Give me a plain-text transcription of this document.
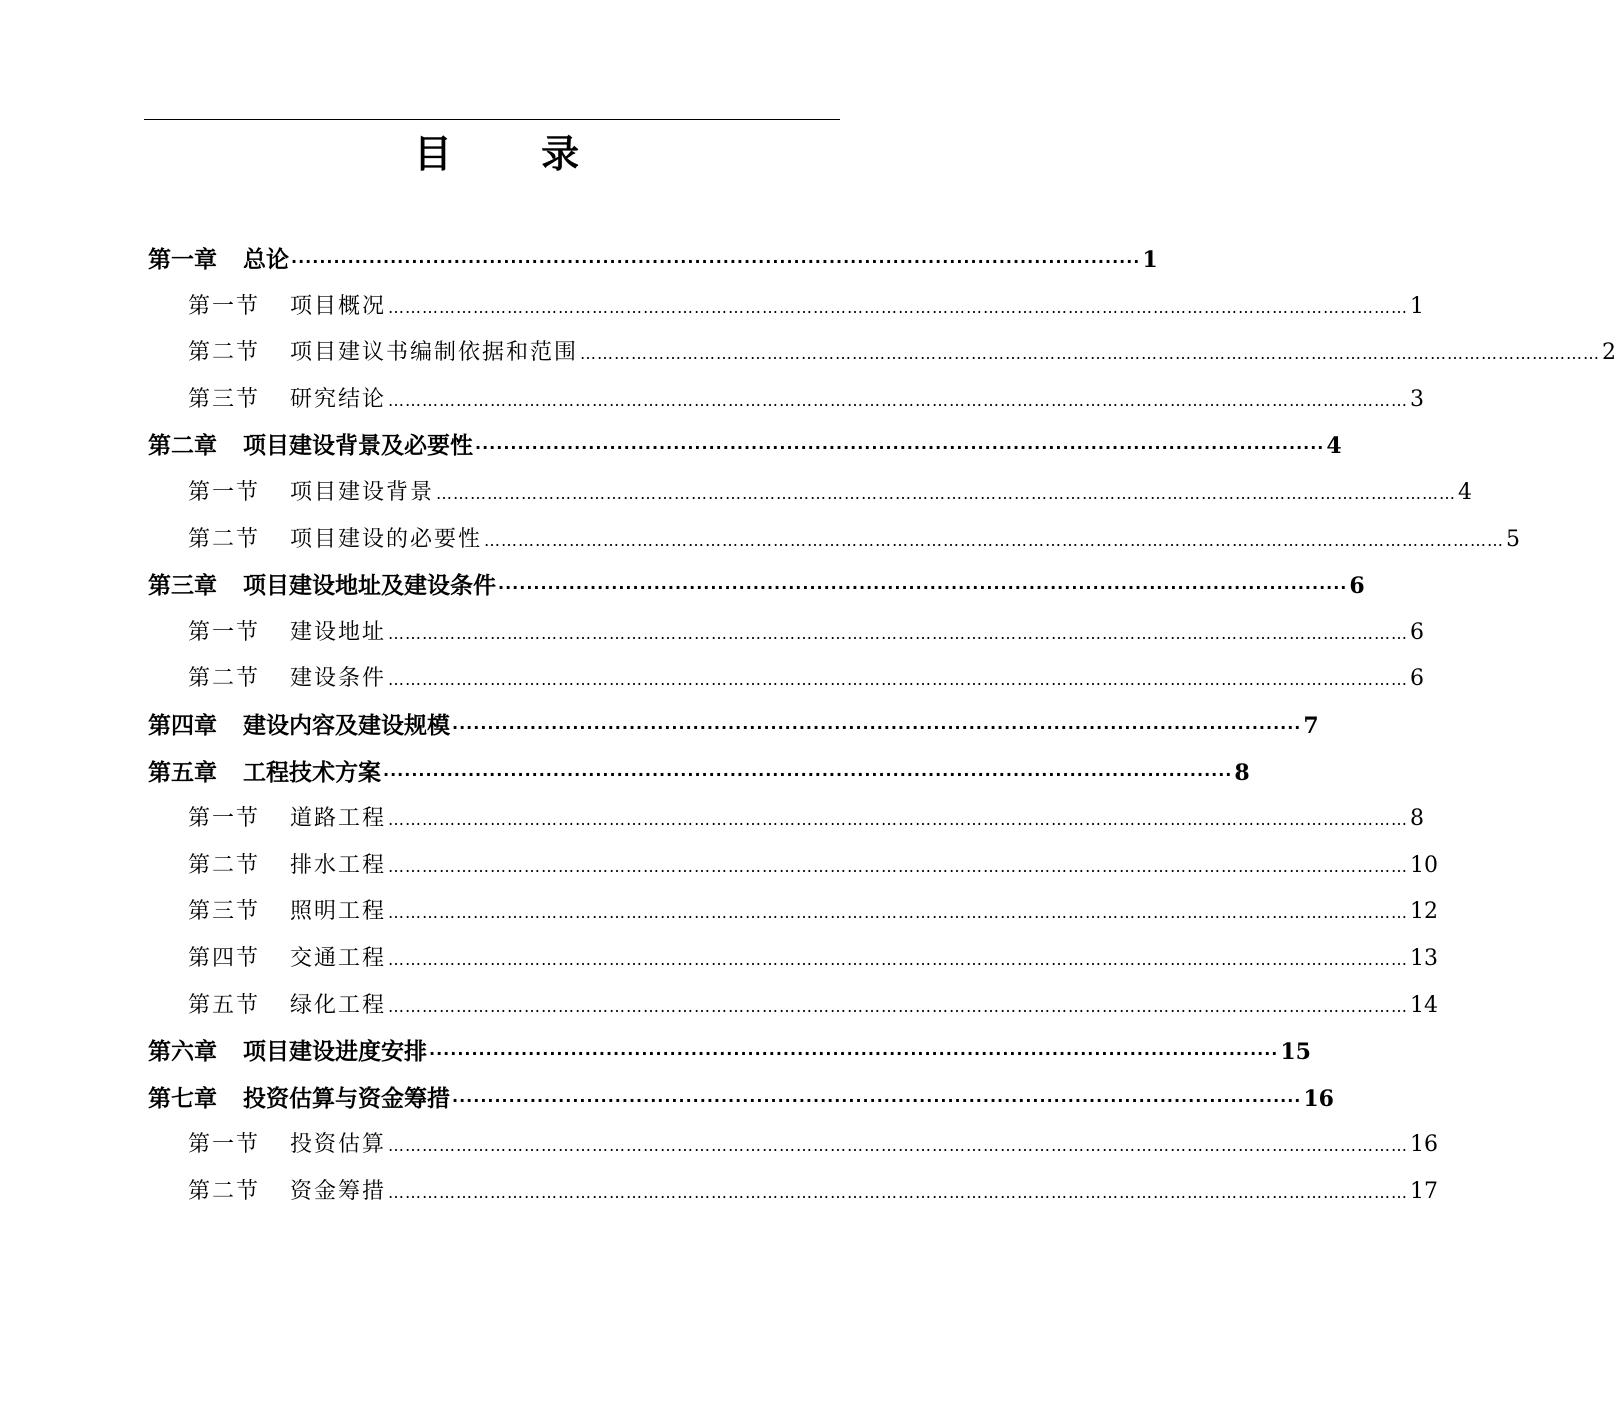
目 录
第一章 总论 ························································································································ 1
第一节 项目概况 ……………………………………………………………………………………………………………………………………………………………… 1
第二节 项目建议书编制依据和范围 ……………………………………………………………………………………………………………………………………………………………… 2
第三节 研究结论 ……………………………………………………………………………………………………………………………………………………………… 3
第二章 项目建设背景及必要性 ························································································································ 4
第一节 项目建设背景 ……………………………………………………………………………………………………………………………………………………………… 4
第二节 项目建设的必要性 ……………………………………………………………………………………………………………………………………………………………… 5
第三章 项目建设地址及建设条件 ························································································································ 6
第一节 建设地址 ……………………………………………………………………………………………………………………………………………………………… 6
第二节 建设条件 ……………………………………………………………………………………………………………………………………………………………… 6
第四章 建设内容及建设规模 ························································································································ 7
第五章 工程技术方案 ························································································································ 8
第一节 道路工程 ……………………………………………………………………………………………………………………………………………………………… 8
第二节 排水工程 ……………………………………………………………………………………………………………………………………………………………… 10
第三节 照明工程 ……………………………………………………………………………………………………………………………………………………………… 12
第四节 交通工程 ……………………………………………………………………………………………………………………………………………………………… 13
第五节 绿化工程 ……………………………………………………………………………………………………………………………………………………………… 14
第六章 项目建设进度安排 ························································································································ 15
第七章 投资估算与资金筹措 ························································································································ 16
第一节 投资估算 ……………………………………………………………………………………………………………………………………………………………… 16
第二节 资金筹措 ……………………………………………………………………………………………………………………………………………………………… 17
